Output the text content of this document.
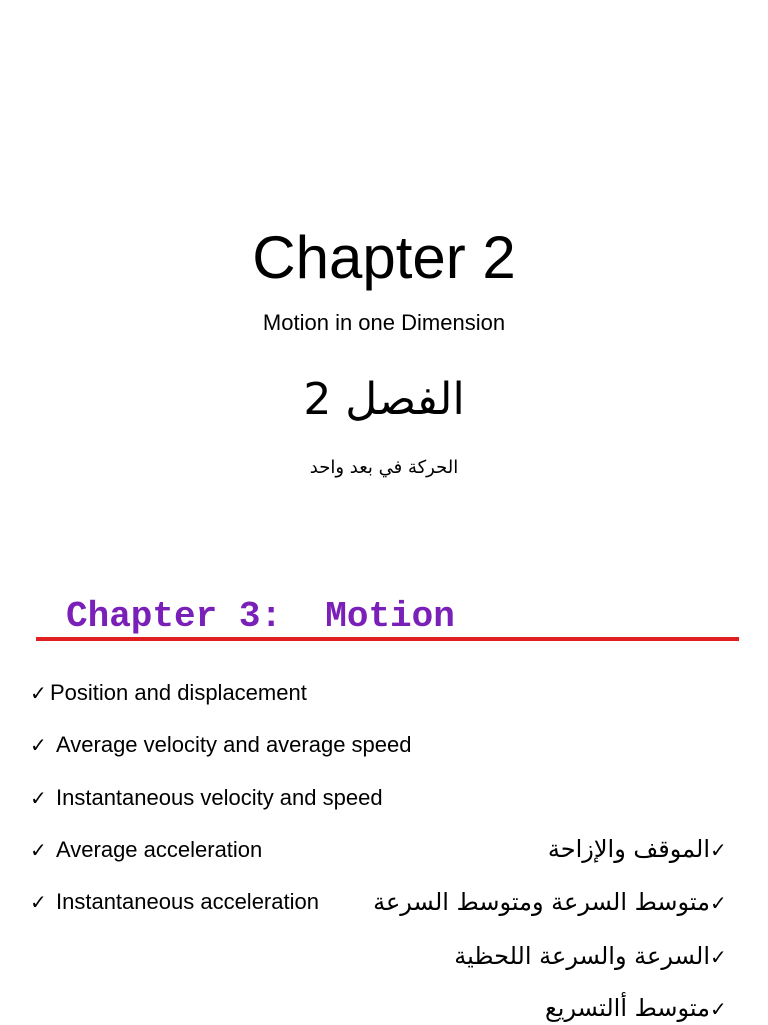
Chapter 2
Motion in one Dimension
الفصل 2
الحركة في بعد واحد
Chapter 3:  Motion
✓ Position and displacement
✓ Average velocity and average speed
✓ Instantaneous velocity and speed
✓ Average acceleration
✓ Instantaneous acceleration
✓الموقف والإزاحة
✓متوسط السرعة ومتوسط السرعة
✓السرعة والسرعة اللحظية
✓متوسط أالتسريع
